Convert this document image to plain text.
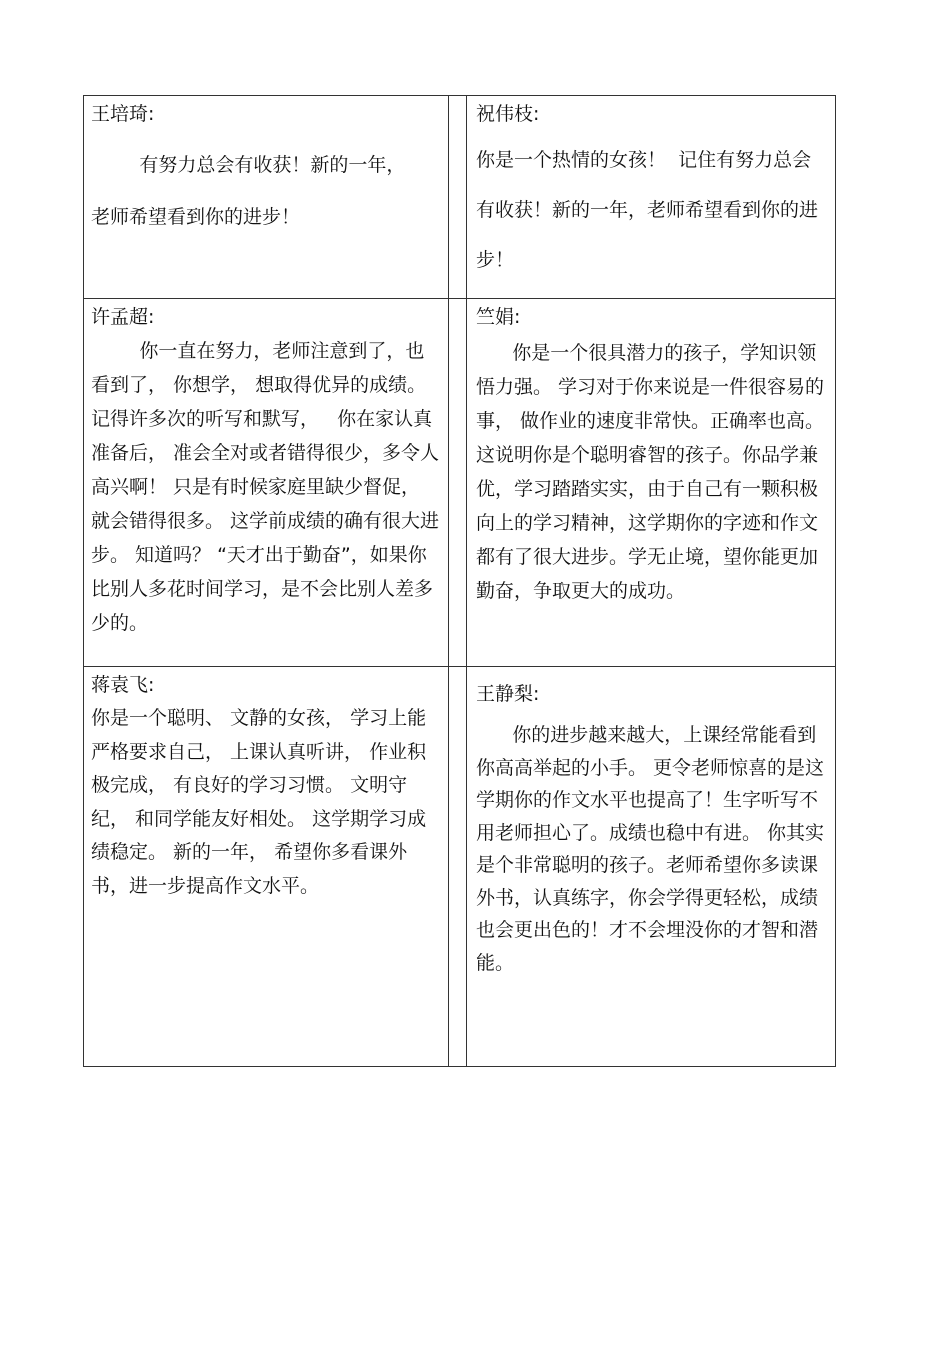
王培琦:
有努力总会有收获！新的一年，
老师希望看到你的进步！		祝伟枝:
你是一个热情的女孩！  记住有努力总会有收获！新的一年，老师希望看到你的进步！

许孟超:
你一直在努力，老师注意到了，也看到了， 你想学， 想取得优异的成绩。记得许多次的听写和默写，   你在家认真准备后， 准会全对或者错得很少，多令人高兴啊！ 只是有时候家庭里缺少督促， 就会错得很多。 这学前成绩的确有很大进步。 知道吗？ “天才出于勤奋”，如果你比别人多花时间学习，是不会比别人差多少的。		竺娟:
你是一个很具潜力的孩子，学知识领悟力强。 学习对于你来说是一件很容易的事， 做作业的速度非常快。正确率也高。 这说明你是个聪明睿智的孩子。你品学兼优，学习踏踏实实，由于自己有一颗积极向上的学习精神，这学期你的字迹和作文都有了很大进步。学无止境，望你能更加勤奋，争取更大的成功。

蒋袁飞:
你是一个聪明、 文静的女孩， 学习上能严格要求自己， 上课认真听讲， 作业积极完成， 有良好的学习习惯。 文明守纪， 和同学能友好相处。 这学期学习成绩稳定。 新的一年， 希望你多看课外书，进一步提高作文水平。		王静梨:
你的进步越来越大，上课经常能看到你高高举起的小手。 更令老师惊喜的是这学期你的作文水平也提高了！生字听写不用老师担心了。成绩也稳中有进。 你其实是个非常聪明的孩子。老师希望你多读课外书，认真练字，你会学得更轻松，成绩也会更出色的！才不会埋没你的才智和潜能。
